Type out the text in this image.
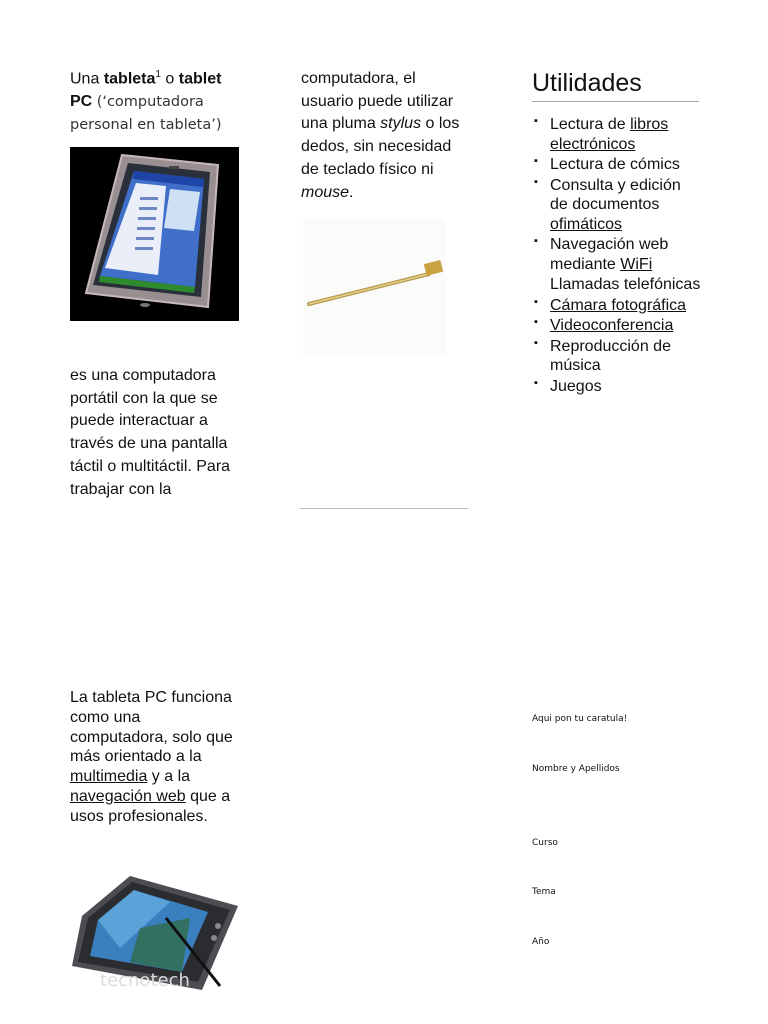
Una tableta$^1$ o tablet PC (‘computadora personal en tableta’)
es una computadora portátil con la que se puede interactuar a través de una pantalla táctil o multitáctil. Para trabajar con la
La tableta PC funciona como una computadora, solo que más orientado a la multimedia y a la navegación web que a usos profesionales.
tecnotech
computadora, el usuario puede utilizar una pluma stylus o los dedos, sin necesidad de teclado físico ni mouse.
Utilidades
▪ Lectura de libros electrónicos
▪ Lectura de cómics
▪ Consulta y edición de documentos ofimáticos
▪ Navegación web mediante WiFi
Llamadas telefónicas
▪ Cámara fotográfica
▪ Videoconferencia
▪ Reproducción de música
▪ Juegos
Aqui pon tu caratula!
Nombre y Apellidos
Curso
Tema
Año
